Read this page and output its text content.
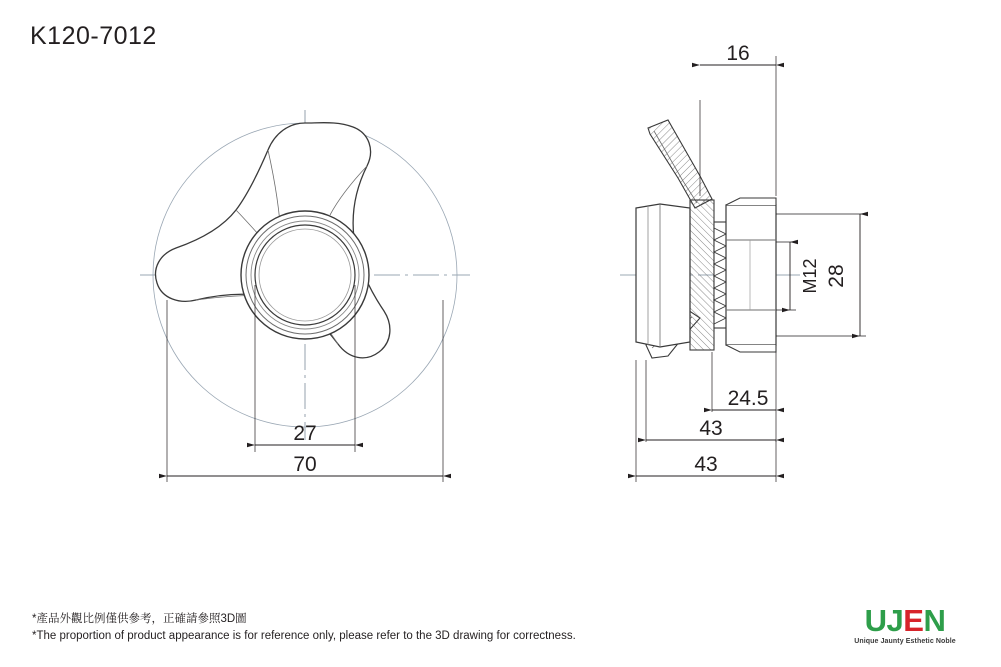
K120-7012
27
70
16
M12 28
24.5
43
43
*產品外觀比例僅供參考，正確請參照3D圖
*The proportion of product appearance is for reference only, please refer to the 3D drawing for correctness.	UJEN
Unique Jaunty Esthetic Noble
